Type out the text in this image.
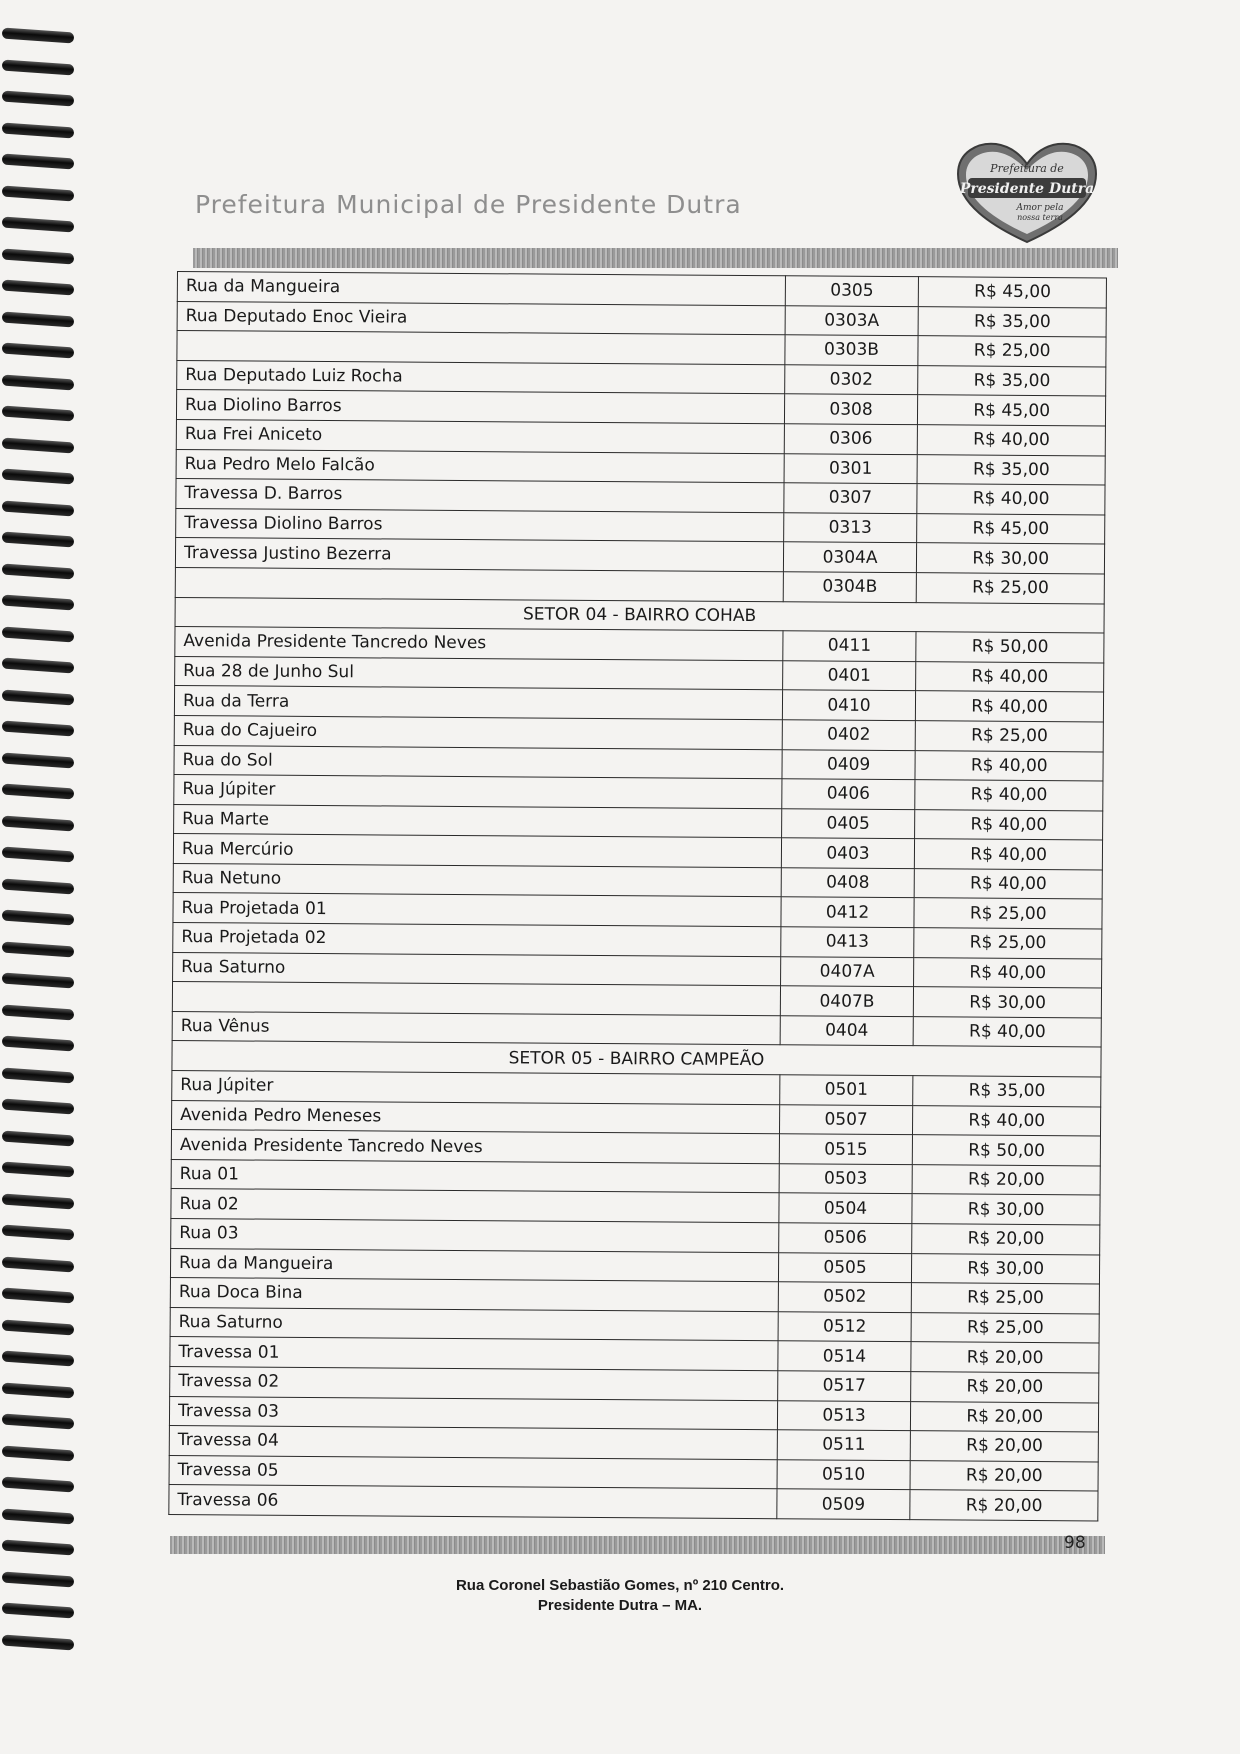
Prefeitura Municipal de Presidente Dutra
Prefeitura de
Presidente Dutra
Amor pela
nossa terra
Rua da Mangueira	0305	R$ 45,00
Rua Deputado Enoc Vieira	0303A	R$ 35,00
	0303B	R$ 25,00
Rua Deputado Luiz Rocha	0302	R$ 35,00
Rua Diolino Barros	0308	R$ 45,00
Rua Frei Aniceto	0306	R$ 40,00
Rua Pedro Melo Falcão	0301	R$ 35,00
Travessa D. Barros	0307	R$ 40,00
Travessa Diolino Barros	0313	R$ 45,00
Travessa Justino Bezerra	0304A	R$ 30,00
	0304B	R$ 25,00
SETOR 04 - BAIRRO COHAB		
Avenida Presidente Tancredo Neves	0411	R$ 50,00
Rua 28 de Junho Sul	0401	R$ 40,00
Rua da Terra	0410	R$ 40,00
Rua do Cajueiro	0402	R$ 25,00
Rua do Sol	0409	R$ 40,00
Rua Júpiter	0406	R$ 40,00
Rua Marte	0405	R$ 40,00
Rua Mercúrio	0403	R$ 40,00
Rua Netuno	0408	R$ 40,00
Rua Projetada 01	0412	R$ 25,00
Rua Projetada 02	0413	R$ 25,00
Rua Saturno	0407A	R$ 40,00
	0407B	R$ 30,00
Rua Vênus	0404	R$ 40,00
SETOR 05 - BAIRRO CAMPEÃO		
Rua Júpiter	0501	R$ 35,00
Avenida Pedro Meneses	0507	R$ 40,00
Avenida Presidente Tancredo Neves	0515	R$ 50,00
Rua 01	0503	R$ 20,00
Rua 02	0504	R$ 30,00
Rua 03	0506	R$ 20,00
Rua da Mangueira	0505	R$ 30,00
Rua Doca Bina	0502	R$ 25,00
Rua Saturno	0512	R$ 25,00
Travessa 01	0514	R$ 20,00
Travessa 02	0517	R$ 20,00
Travessa 03	0513	R$ 20,00
Travessa 04	0511	R$ 20,00
Travessa 05	0510	R$ 20,00
Travessa 06	0509	R$ 20,00
98
Rua Coronel Sebastião Gomes, nº 210 Centro.
Presidente Dutra – MA.
